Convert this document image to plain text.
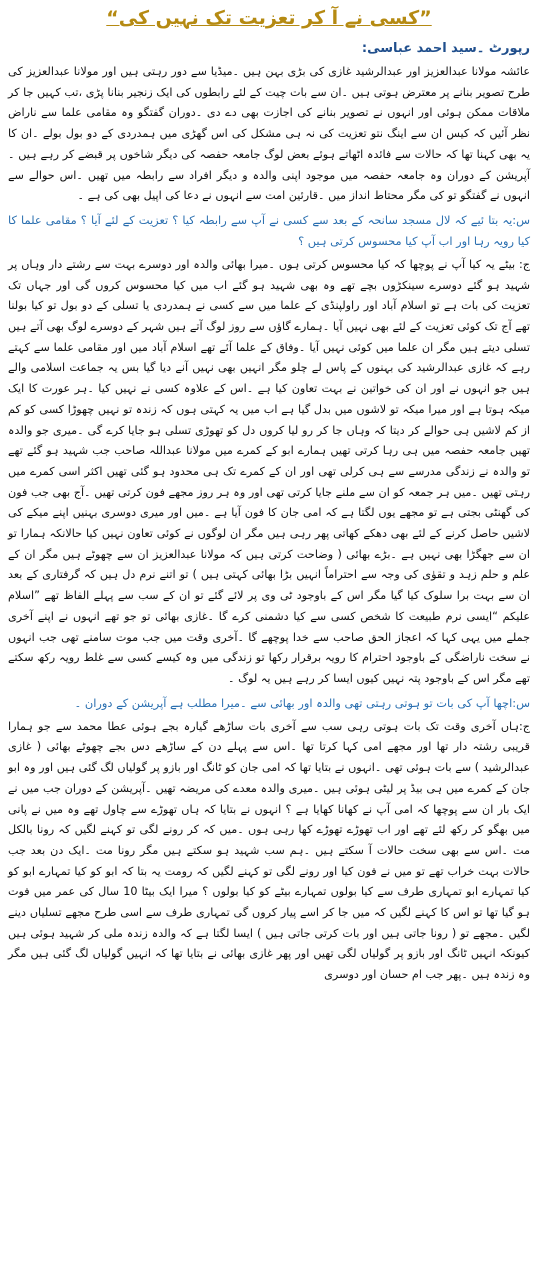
”کسی نے آ کر تعزیت تک نہیں کی“
رپورٹ ۔سید احمد عباسی:

عائشہ مولانا عبدالعزیز اور عبدالرشید غازی کی بڑی بہن ہیں ۔میڈیا سے دور رہتی ہیں اور مولانا عبدالعزیز کی طرح تصویر بنانے پر معترض ہوتی ہیں ۔ان سے بات چیت کے لئے رابطوں کی ایک زنجیر بنانا پڑی ،تب کہیں جا کر ملاقات ممکن ہوئی اور انہوں نے تصویر بنانے کی اجازت بھی دے دی ۔دوران گفتگو وہ مقامی علما سے ناراض نظر آئیں کہ کیس ان سے اینگ نتو تعزیت کی نہ ہی مشکل کی اس گھڑی میں ہمدردی کے دو بول بولے ۔ان کا یہ بھی کہنا تھا کہ حالات سے فائدہ اٹھاتے ہوئے بعض لوگ جامعہ حفصہ کی دیگر شاخوں پر قبضے کر رہے ہیں ۔آپریشن کے دوران وہ جامعہ حفصہ میں موجود اپنی والدہ و دیگر افراد سے رابطہ میں تھیں ۔اس حوالے سے انہوں نے گفتگو تو کی مگر محتاط انداز میں ۔قارئین امت سے انہوں نے دعا کی اپیل بھی کی ہے ۔

س:یہ بتا ئیے کہ لال مسجد سانحہ کے بعد سے کسی نے آپ سے رابطہ کیا ؟ تعزیت کے لئے آیا ؟ مقامی علما کا کیا رویہ رہا اور اب آپ کیا محسوس کرتی ہیں ؟

ج: بیٹے یہ کیا آپ نے پوچھا کہ کیا محسوس کرتی ہوں ۔میرا بھائی والدہ اور دوسرے بہت سے رشتے دار وہاں پر شہید ہو گئے دوسرے سینکڑوں بچے تھے وہ بھی شہید ہو گئے اب میں کیا محسوس کروں گی اور جہاں تک تعزیت کی بات ہے تو اسلام آباد اور راولپنڈی کے علما میں سے کسی نے ہمدردی یا تسلی کے دو بول تو کیا بولنا تھے آج تک کوئی تعزیت کے لئے بھی نہیں آیا ۔ہمارے گاؤں سے روز لوگ آتے ہیں شہر کے دوسرے لوگ بھی آتے ہیں تسلی دیتے ہیں مگر ان علما میں کوئی نہیں آیا ۔وفاق کے علما آئے تھے اسلام آباد میں اور مقامی علما سے کہتے رہے کہ غازی عبدالرشید کی بہنوں کے پاس لے چلو مگر انہیں بھی نہیں آنے دیا گیا بس یہ جماعت اسلامی والے ہیں جو انہوں نے اور ان کی خواتین نے بہت تعاون کیا ہے ۔اس کے علاوہ کسی نے نہیں کیا ۔ہر عورت کا ایک میکہ ہوتا ہے اور میرا میکہ تو لاشوں میں بدل گیا ہے اب میں یہ کہتی ہوں کہ زندہ تو نہیں چھوڑا کسی کو کم از کم لاشیں ہی حوالے کر دیتا کہ وہاں جا کر رو لیا کروں دل کو تھوڑی تسلی ہو جایا کرے گی ۔میری جو والدہ تھیں جامعہ حفصہ میں ہی رہا کرتی تھیں ہمارے ابو کے کمرے میں مولانا عبداللہ صاحب جب شہید ہو گئے تھے تو والدہ نے زندگی مدرسے سے ہی کرلی تھی اور ان کے کمرے تک ہی محدود ہو گئی تھیں اکثر اسی کمرے میں رہتی تھیں ۔میں ہر جمعہ کو ان سے ملنے جایا کرتی تھی اور وہ ہر روز مجھے فون کرتی تھیں ۔آج بھی جب فون کی گھنٹی بجتی ہے تو مجھے یوں لگتا ہے کہ امی جان کا فون آیا ہے ۔میں اور میری دوسری بہنیں اپنے میکے کی لاشیں حاصل کرنے کے لئے بھی دھکے کھاتی پھر رہی ہیں مگر ان لوگوں نے کوئی تعاون نہیں کیا حالانکہ ہمارا تو ان سے جھگڑا بھی نہیں ہے ۔بڑے بھائی ( وضاحت کرتی ہیں کہ مولانا عبدالعزیز ان سے چھوٹے ہیں مگر ان کے علم و حلم زہد و تقوٰی کی وجہ سے احتراماً انہیں بڑا بھائی کہتی ہیں ) تو اتنے نرم دل ہیں کہ گرفتاری کے بعد ان سے بہت برا سلوک کیا گیا مگر اس کے باوجود ٹی وی پر لائے گئے تو ان کے سب سے پہلے الفاظ تھے ”اسلام علیکم “ایسی نرم طبیعت کا شخص کسی سے کیا دشمنی کرے گا ۔غازی بھائی تو جو تھے انہوں نے اپنے آخری جملے میں یہی کہا کہ اعجاز الحق صاحب سے خدا پوچھے گا ۔آخری وقت میں جب موت سامنے تھی جب انہوں نے سخت ناراضگی کے باوجود احترام کا رویہ برقرار رکھا تو زندگی میں وہ کیسے کسی سے غلط رویہ رکھ سکتے تھے مگر اس کے باوجود پتہ نہیں کیوں ایسا کر رہے ہیں یہ لوگ ۔

س:اچھا آپ کی بات تو ہوتی رہتی تھی والدہ اور بھائی سے ۔میرا مطلب ہے آپریشن کے دوران ۔

ج:ہاں آخری وقت تک بات ہوتی رہی سب سے آخری بات ساڑھے گیارہ بجے ہوئی عطا محمد سے جو ہمارا قریبی رشتہ دار تھا اور مجھے امی کہا کرتا تھا ۔اس سے پہلے دن کے ساڑھے دس بجے چھوٹے بھائی ( غازی عبدالرشید ) سے بات ہوئی تھی ۔انہوں نے بتایا تھا کہ امی جان کو ٹانگ اور بازو پر گولیاں لگ گئی ہیں اور وہ ابو جان کے کمرے میں ہی بیڈ پر لیٹی ہوئی ہیں ۔میری والدہ معدے کی مریضہ تھیں ۔آپریشن کے دوران جب میں نے ایک بار ان سے پوچھا کہ امی آپ نے کھانا کھایا ہے ؟ انہوں نے بتایا کہ ہاں تھوڑے سے چاول تھے وہ میں نے پانی میں بھگو کر رکھ لئے تھے اور اب تھوڑے تھوڑے کھا رہی ہوں ۔میں کہ کر رونے لگی تو کہنے لگیں کہ رونا بالکل مت ۔اس سے بھی سخت حالات آ سکتے ہیں ۔ہم سب شہید ہو سکتے ہیں مگر رونا مت ۔ایک دن بعد جب حالات بہت خراب تھے تو میں نے فون کیا اور رونے لگی تو کہنے لگیں کہ رومت یہ بتا کہ ابو کو کیا تمہارے ابو کو کیا تمہارے ابو تمہاری طرف سے کیا بولوں تمہارے بیٹے کو کیا بولوں ؟ میرا ایک بیٹا 10 سال کی عمر میں فوت ہو گیا تھا تو اس کا کہنے لگیں کہ میں جا کر اسے پیار کروں گی تمہاری طرف سے اسی طرح مجھے تسلیاں دینے لگیں ۔مجھے تو ( رونا جاتی ہیں اور بات کرتی جاتی ہیں ) ایسا لگتا ہے کہ والدہ زندہ ملی کر شہید ہوئی ہیں کیونکہ انہیں ٹانگ اور بازو پر گولیاں لگی تھیں اور پھر غازی بھائی نے بتایا تھا کہ انہیں گولیاں لگ گئی ہیں مگر وہ زندہ ہیں ۔پھر جب ام حسان اور دوسری
